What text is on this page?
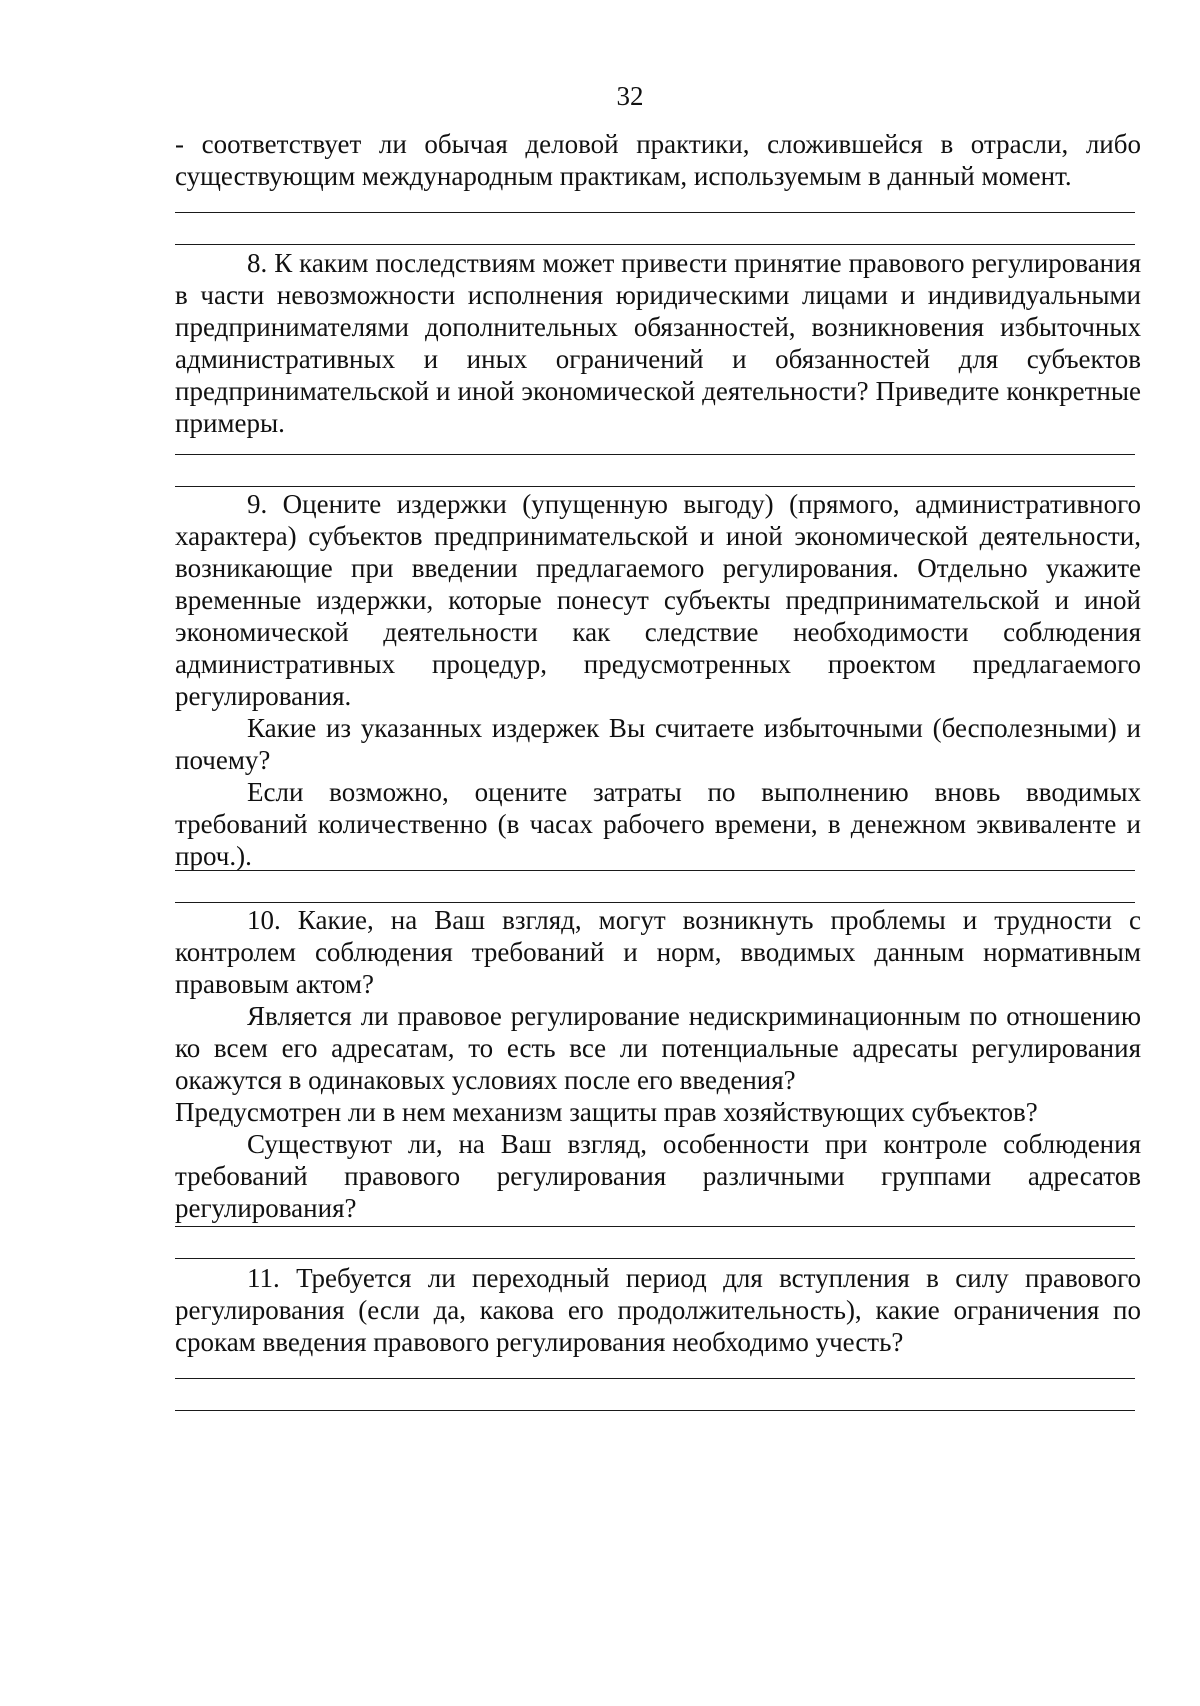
32

- соответствует ли обычая деловой практики, сложившейся в отрасли, либо существующим международным практикам, используемым в данный момент.

8. К каким последствиям может привести принятие правового регулирования в части невозможности исполнения юридическими лицами и индивидуальными предпринимателями дополнительных обязанностей, возникновения избыточных административных и иных ограничений и обязанностей для субъектов предпринимательской и иной экономической деятельности? Приведите конкретные примеры.

9. Оцените издержки (упущенную выгоду) (прямого, административного характера) субъектов предпринимательской и иной экономической деятельности, возникающие при введении предлагаемого регулирования. Отдельно укажите временные издержки, которые понесут субъекты предпринимательской и иной экономической деятельности как следствие необходимости соблюдения административных процедур, предусмотренных проектом предлагаемого регулирования.

Какие из указанных издержек Вы считаете избыточными (бесполезными) и почему?

Если возможно, оцените затраты по выполнению вновь вводимых требований количественно (в часах рабочего времени, в денежном эквиваленте и проч.).

10. Какие, на Ваш взгляд, могут возникнуть проблемы и трудности с контролем соблюдения требований и норм, вводимых данным нормативным правовым актом?

Является ли правовое регулирование недискриминационным по отношению ко всем его адресатам, то есть все ли потенциальные адресаты регулирования окажутся в одинаковых условиях после его введения?

Предусмотрен ли в нем механизм защиты прав хозяйствующих субъектов?

Существуют ли, на Ваш взгляд, особенности при контроле соблюдения требований правового регулирования различными группами адресатов регулирования?

11. Требуется ли переходный период для вступления в силу правового регулирования (если да, какова его продолжительность), какие ограничения по срокам введения правового регулирования необходимо учесть?
